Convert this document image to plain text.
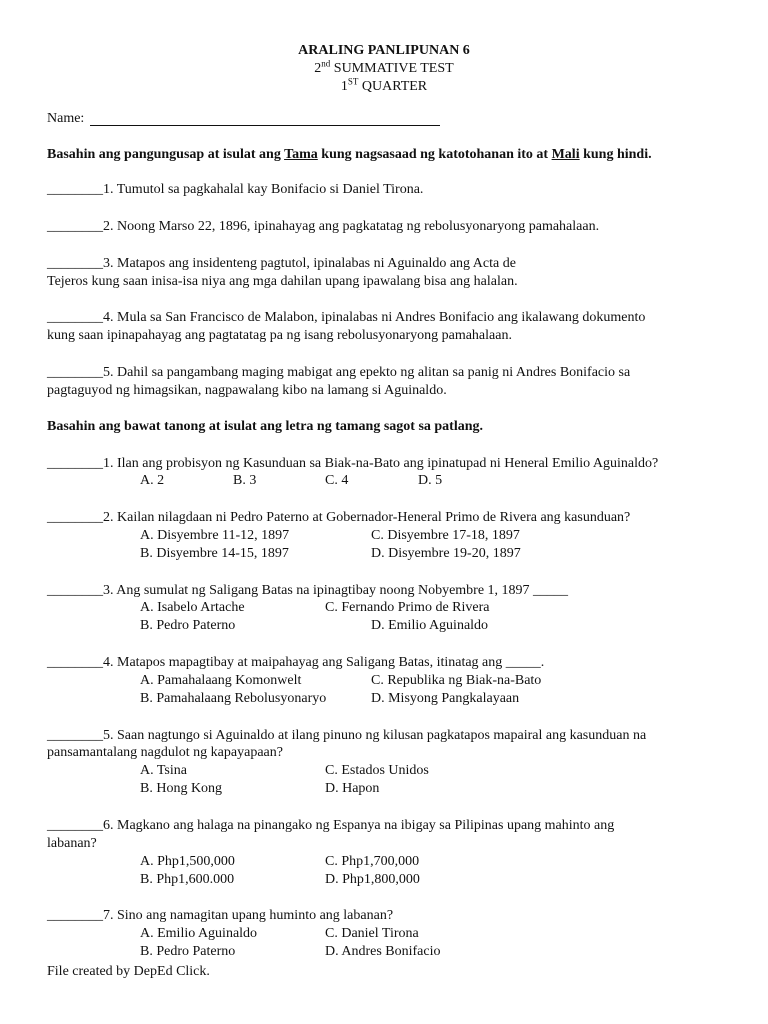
ARALING PANLIPUNAN 6
2nd SUMMATIVE TEST
1ST QUARTER
Name:
Basahin ang pangungusap at isulat ang Tama kung nagsasaad ng katotohanan ito at Mali kung hindi.
________1. Tumutol sa pagkahalal kay Bonifacio si Daniel Tirona.
________2. Noong Marso 22, 1896, ipinahayag ang pagkatatag ng rebolusyonaryong pamahalaan.
________3. Matapos ang insidenteng pagtutol, ipinalabas ni Aguinaldo ang Acta de
Tejeros kung saan inisa-isa niya ang mga dahilan upang ipawalang bisa ang halalan.
________4. Mula sa San Francisco de Malabon, ipinalabas ni Andres Bonifacio ang ikalawang dokumento
kung saan ipinapahayag ang pagtatatag pa ng isang rebolusyonaryong pamahalaan.
________5. Dahil sa pangambang maging mabigat ang epekto ng alitan sa panig ni Andres Bonifacio sa
pagtaguyod ng himagsikan, nagpawalang kibo na lamang si Aguinaldo.
Basahin ang bawat tanong at isulat ang letra ng tamang sagot sa patlang.
________1. Ilan ang probisyon ng Kasunduan sa Biak-na-Bato ang ipinatupad ni Heneral Emilio Aguinaldo?
A. 2	B. 3	C. 4	D. 5
________2. Kailan nilagdaan ni Pedro Paterno at Gobernador-Heneral Primo de Rivera ang kasunduan?
A. Disyembre 11-12, 1897	C. Disyembre 17-18, 1897
B. Disyembre 14-15, 1897	D. Disyembre 19-20, 1897
________3. Ang sumulat ng Saligang Batas na ipinagtibay noong Nobyembre 1, 1897 _____
A. Isabelo Artache	C. Fernando Primo de Rivera
B. Pedro Paterno	D. Emilio Aguinaldo
________4. Matapos mapagtibay at maipahayag ang Saligang Batas, itinatag ang _____.
A. Pamahalaang Komonwelt	C. Republika ng Biak-na-Bato
B. Pamahalaang Rebolusyonaryo	D. Misyong Pangkalayaan
________5. Saan nagtungo si Aguinaldo at ilang pinuno ng kilusan pagkatapos mapairal ang kasunduan na
pansamantalang nagdulot ng kapayapaan?
A. Tsina	C. Estados Unidos
B. Hong Kong	D. Hapon
________6. Magkano ang halaga na pinangako ng Espanya na ibigay sa Pilipinas upang mahinto ang
labanan?
A. Php1,500,000	C. Php1,700,000
B. Php1,600.000	D. Php1,800,000
________7. Sino ang namagitan upang huminto ang labanan?
A. Emilio Aguinaldo	C. Daniel Tirona
B. Pedro Paterno	D. Andres Bonifacio
File created by DepEd Click.
